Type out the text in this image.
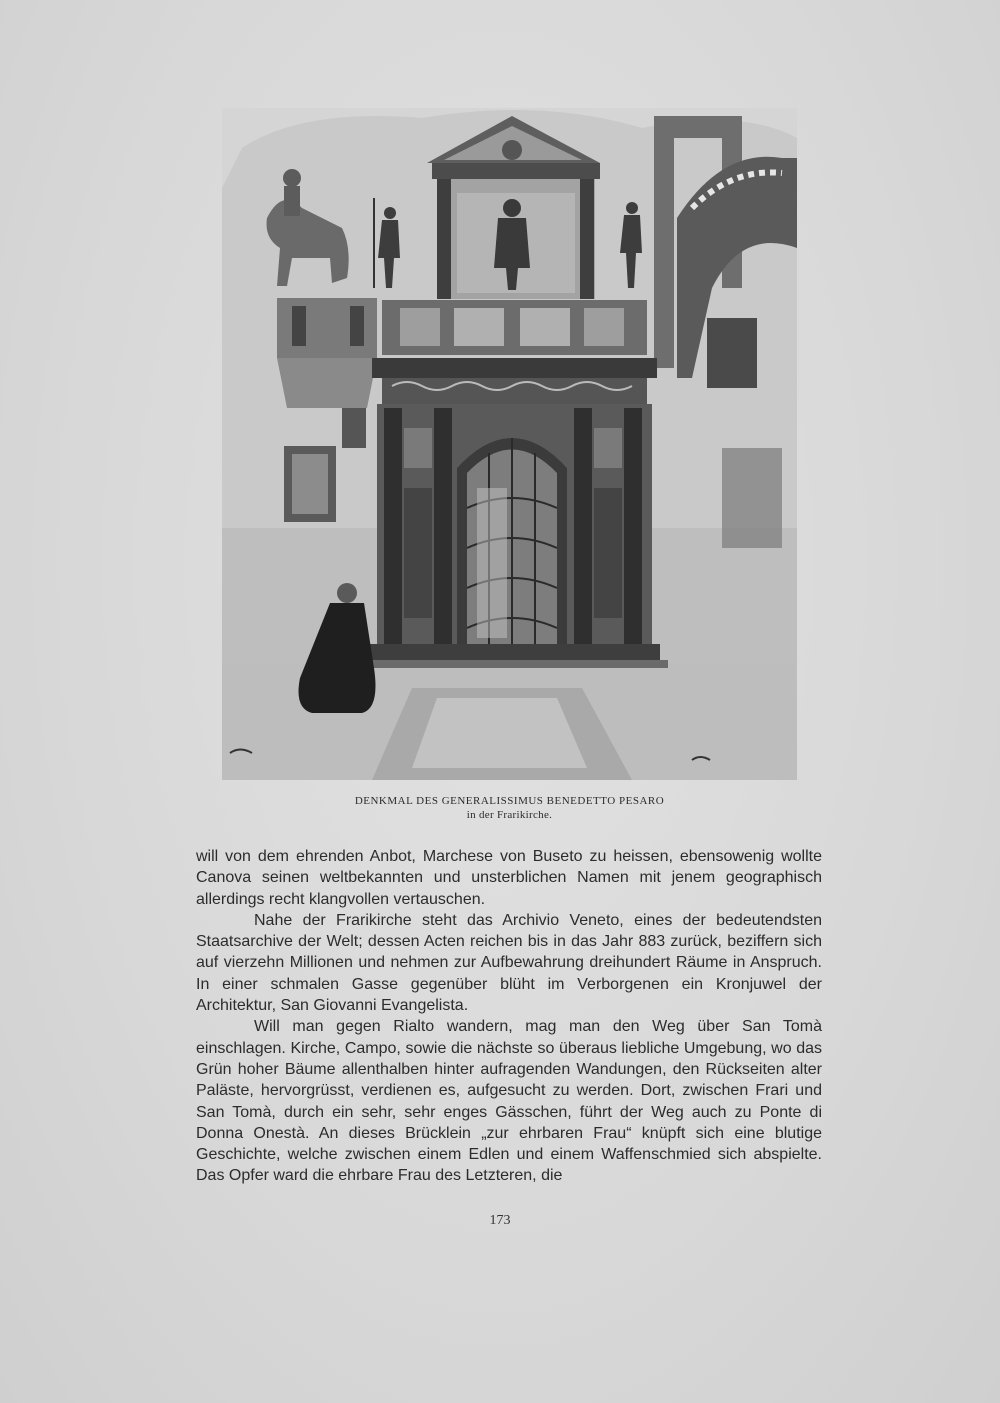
DENKMAL DES GENERALISSIMUS BENEDETTO PESARO
in der Frarikirche.

will von dem ehrenden Anbot, Marchese von Buseto zu heissen, ebensowenig wollte Canova seinen weltbekannten und unsterblichen Namen mit jenem geographisch allerdings recht klangvollen vertauschen.

Nahe der Frarikirche steht das Archivio Veneto, eines der bedeutendsten Staatsarchive der Welt; dessen Acten reichen bis in das Jahr 883 zurück, beziffern sich auf vierzehn Millionen und nehmen zur Aufbewahrung dreihundert Räume in Anspruch. In einer schmalen Gasse gegenüber blüht im Verborgenen ein Kronjuwel der Architektur, San Giovanni Evangelista.

Will man gegen Rialto wandern, mag man den Weg über San Tomà einschlagen. Kirche, Campo, sowie die nächste so überaus liebliche Umgebung, wo das Grün hoher Bäume allenthalben hinter aufragenden Wandungen, den Rückseiten alter Paläste, hervorgrüsst, verdienen es, aufgesucht zu werden. Dort, zwischen Frari und San Tomà, durch ein sehr, sehr enges Gässchen, führt der Weg auch zu Ponte di Donna Onestà. An dieses Brücklein „zur ehrbaren Frau“ knüpft sich eine blutige Geschichte, welche zwischen einem Edlen und einem Waffenschmied sich abspielte. Das Opfer ward die ehrbare Frau des Letzteren, die

173
